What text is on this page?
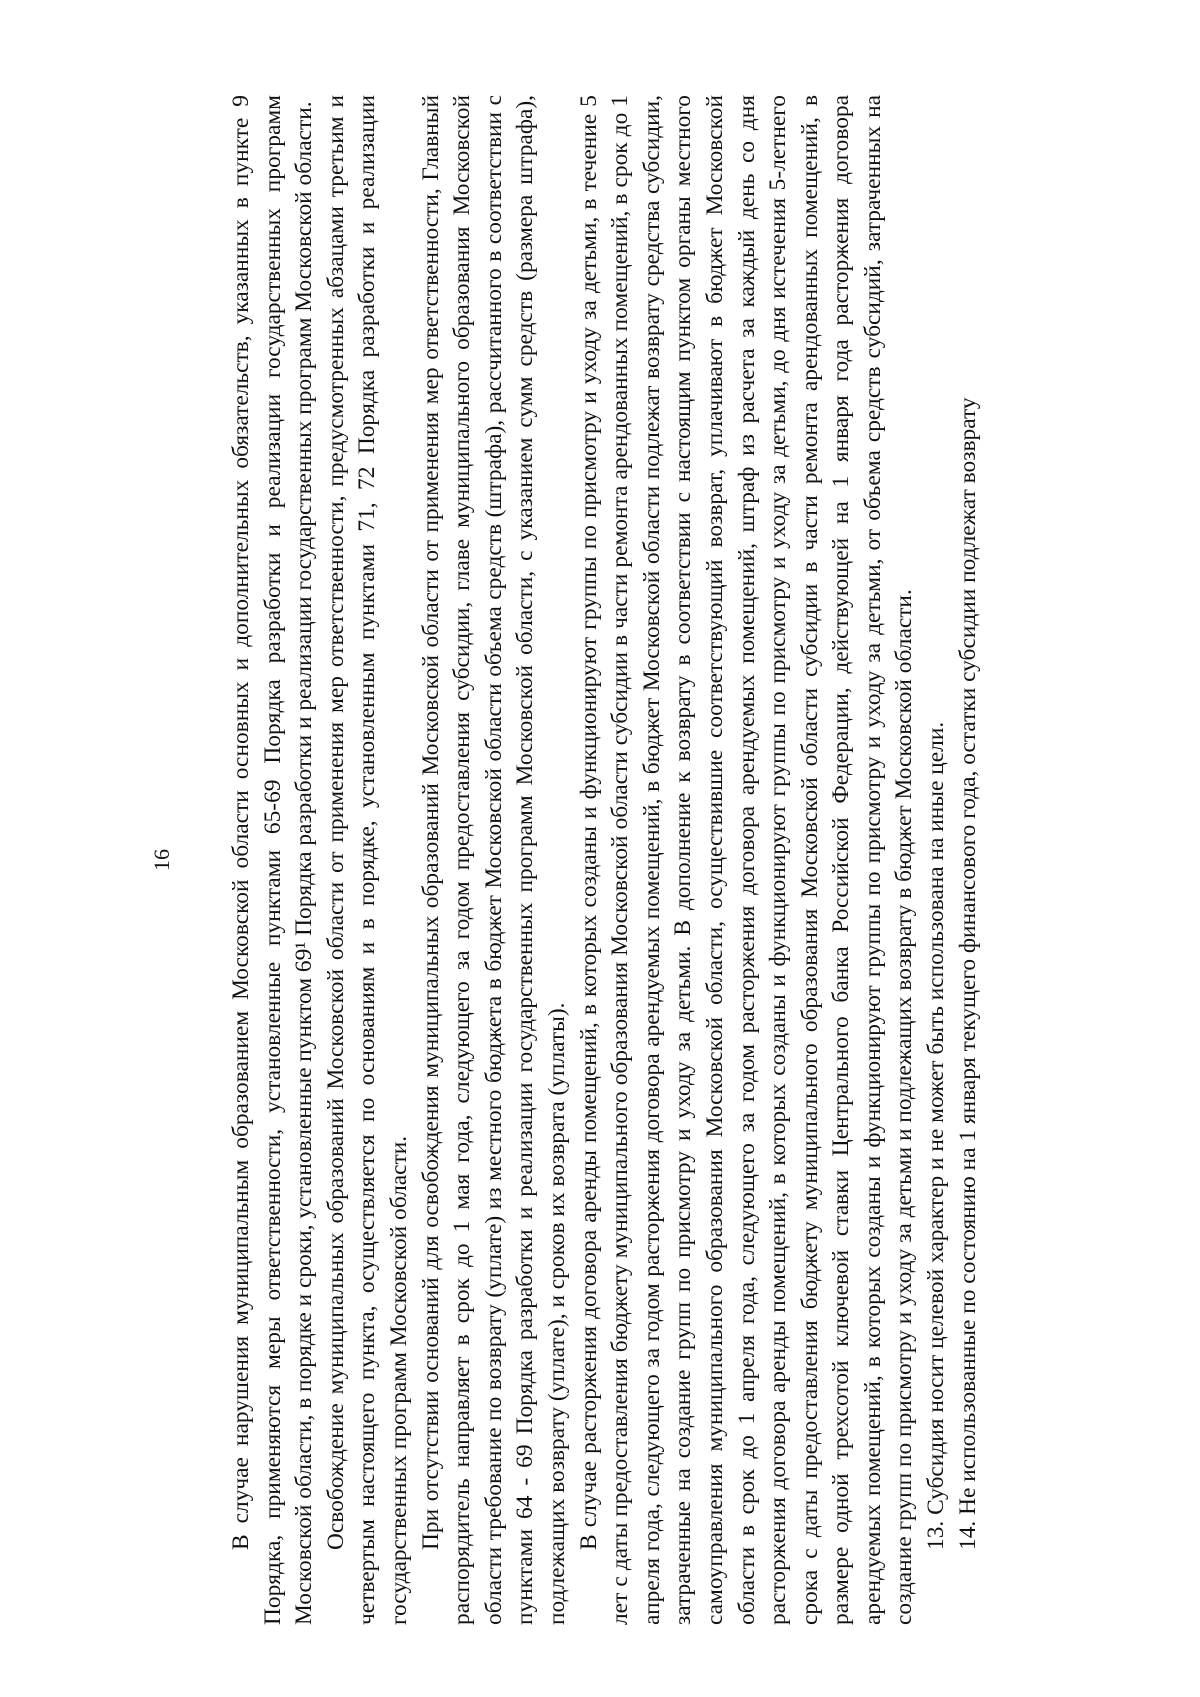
16 В случае нарушения муниципальным образованием Московской области основных и дополнительных обязательств, указанных в пункте 9 Порядка, применяются меры ответственности, установленные пунктами 65-69 Порядка разработки и реализации государственных программ Московской области, в порядке и сроки, установленные пунктом 69¹ Порядка разработки и реализации государственных программ Московской области. Освобождение муниципальных образований Московской области от применения мер ответственности, предусмотренных абзацами третьим и четвертым настоящего пункта, осуществляется по основаниям и в порядке, установленным пунктами 71, 72 Порядка разработки и реализации государственных программ Московской области. При отсутствии оснований для освобождения муниципальных образований Московской области от применения мер ответственности, Главный распорядитель направляет в срок до 1 мая года, следующего за годом предоставления субсидии, главе муниципального образования Московской области требование по возврату (уплате) из местного бюджета в бюджет Московской области объема средств (штрафа), рассчитанного в соответствии с пунктами 64 - 69 Порядка разработки и реализации государственных программ Московской области, с указанием сумм средств (размера штрафа), подлежащих возврату (уплате), и сроков их возврата (уплаты). В случае расторжения договора аренды помещений, в которых созданы и функционируют группы по присмотру и уходу за детьми, в течение 5 лет с даты предоставления бюджету муниципального образования Московской области субсидии в части ремонта арендованных помещений, в срок до 1 апреля года, следующего за годом расторжения договора арендуемых помещений, в бюджет Московской области подлежат возврату средства субсидии, затраченные на создание групп по присмотру и уходу за детьми. В дополнение к возврату в соответствии с настоящим пунктом органы местного самоуправления муниципального образования Московской области, осуществившие соответствующий возврат, уплачивают в бюджет Московской области в срок до 1 апреля года, следующего за годом расторжения договора арендуемых помещений, штраф из расчета за каждый день со дня расторжения договора аренды помещений, в которых созданы и функционируют группы по присмотру и уходу за детьми, до дня истечения 5-летнего срока с даты предоставления бюджету муниципального образования Московской области субсидии в части ремонта арендованных помещений, в размере одной трехсотой ключевой ставки Центрального банка Российской Федерации, действующей на 1 января года расторжения договора арендуемых помещений, в которых созданы и функционируют группы по присмотру и уходу за детьми, от объема средств субсидий, затраченных на создание групп по присмотру и уходу за детьми и подлежащих возврату в бюджет Московской области. 13. Субсидия носит целевой характер и не может быть использована на иные цели. 14. Не использованные по состоянию на 1 января текущего финансового года, остатки субсидии подлежат возврату
